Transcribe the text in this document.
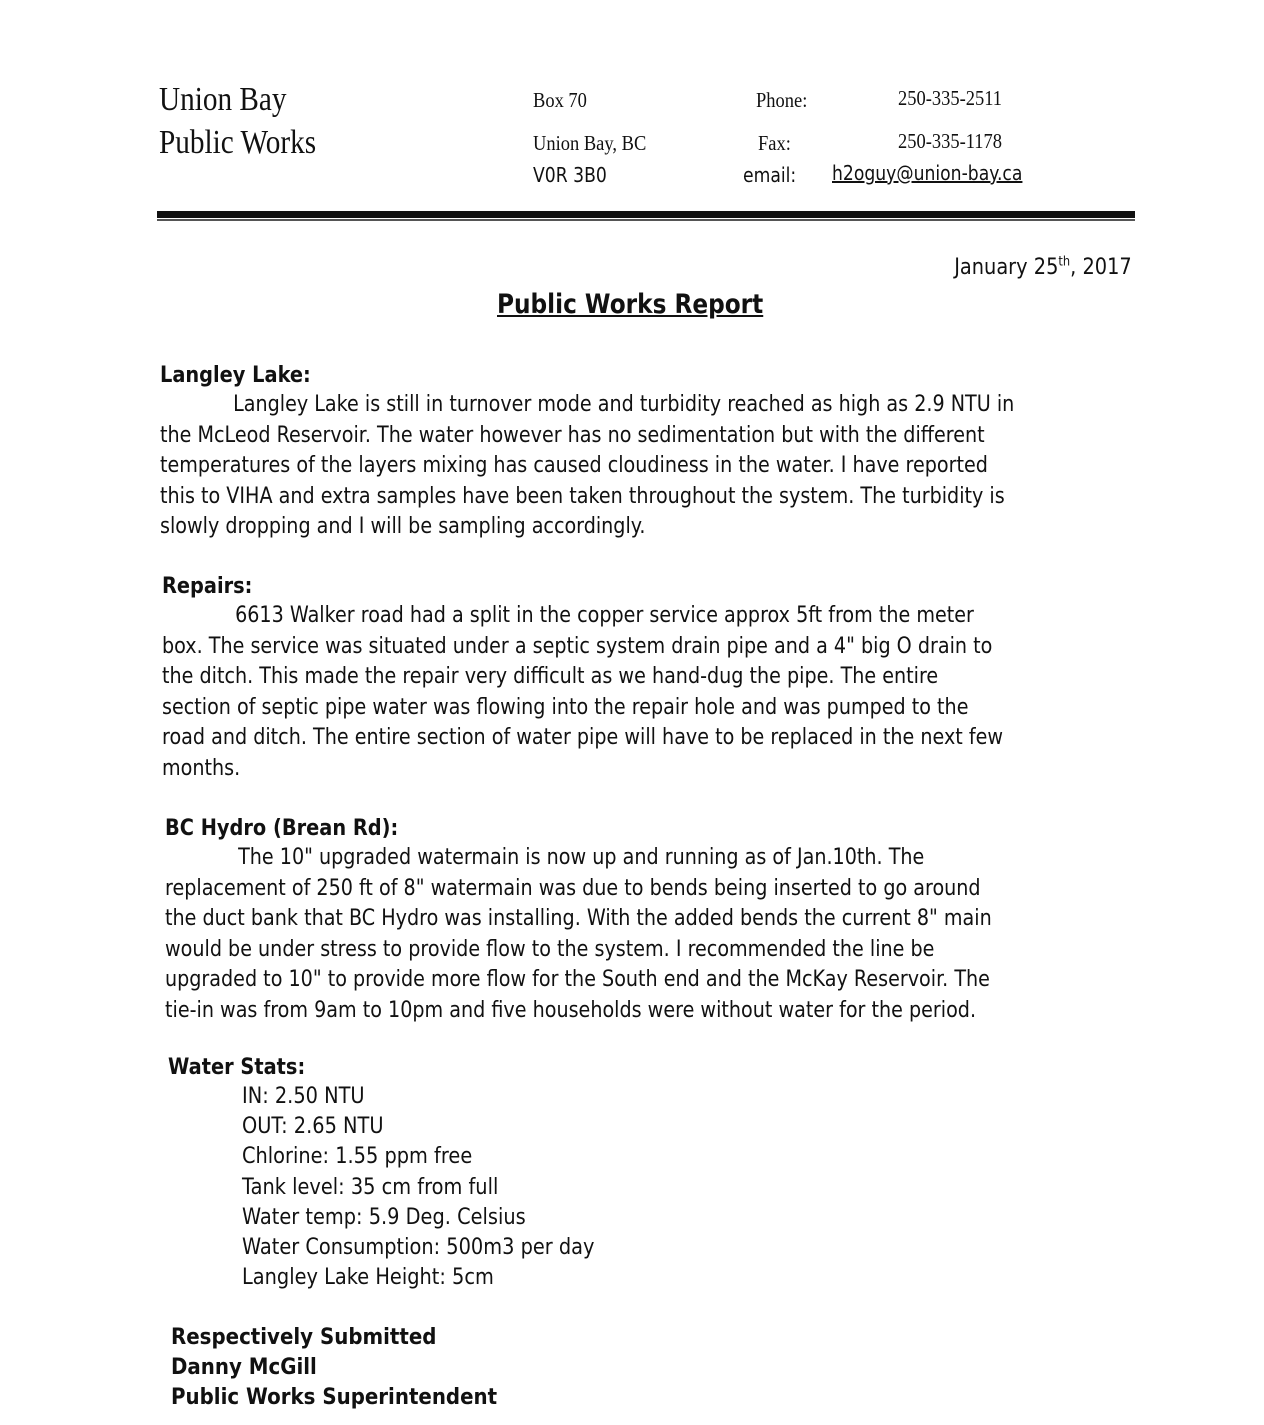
Union Bay
Public Works
Box 70
Union Bay, BC
V0R 3B0
Phone:	250-335-2511
Fax:	250-335-1178
email: h2oguy@union-bay.ca
January 25th, 2017
Public Works Report
Langley Lake:
Langley Lake is still in turnover mode and turbidity reached as high as 2.9 NTU in
the McLeod Reservoir. The water however has no sedimentation but with the different
temperatures of the layers mixing has caused cloudiness in the water. I have reported
this to VIHA and extra samples have been taken throughout the system. The turbidity is
slowly dropping and I will be sampling accordingly.
Repairs:
6613 Walker road had a split in the copper service approx 5ft from the meter
box. The service was situated under a septic system drain pipe and a 4" big O drain to
the ditch. This made the repair very difficult as we hand-dug the pipe. The entire
section of septic pipe water was flowing into the repair hole and was pumped to the
road and ditch. The entire section of water pipe will have to be replaced in the next few
months.
BC Hydro (Brean Rd):
The 10" upgraded watermain is now up and running as of Jan.10th. The
replacement of 250 ft of 8" watermain was due to bends being inserted to go around
the duct bank that BC Hydro was installing. With the added bends the current 8" main
would be under stress to provide flow to the system. I recommended the line be
upgraded to 10" to provide more flow for the South end and the McKay Reservoir. The
tie-in was from 9am to 10pm and five households were without water for the period.
Water Stats:
IN: 2.50 NTU
OUT: 2.65 NTU
Chlorine: 1.55 ppm free
Tank level: 35 cm from full
Water temp: 5.9 Deg. Celsius
Water Consumption: 500m3 per day
Langley Lake Height: 5cm
Respectively Submitted
Danny McGill
Public Works Superintendent
